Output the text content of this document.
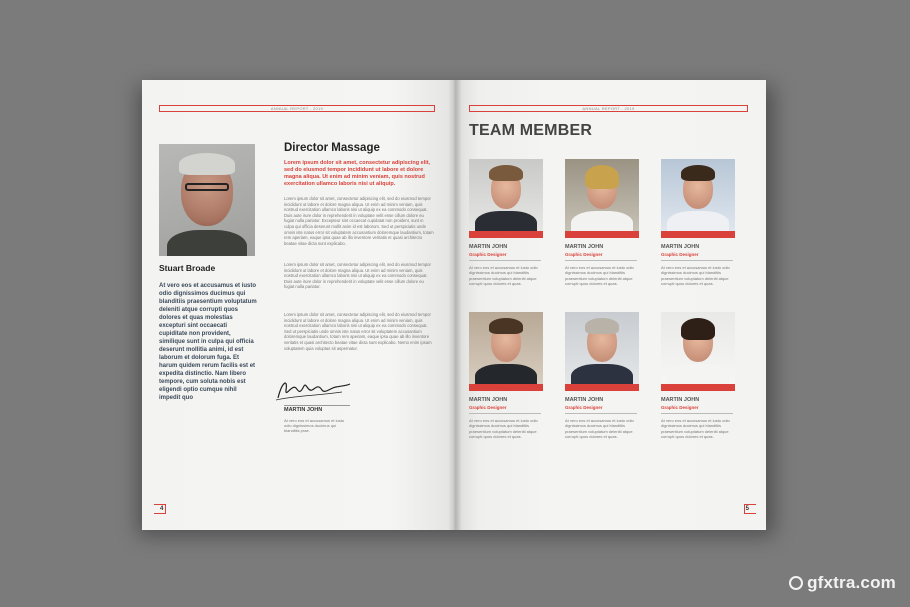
ANNUAL REPORT - 2019
Stuart Broade
At vero eos et accusamus et iusto odio dignissimos ducimus qui blanditiis praesentium voluptatum deleniti atque corrupti quos dolores et quas molestias excepturi sint occaecati cupiditate non provident, similique sunt in culpa qui officia deserunt mollitia animi, id est laborum et dolorum fuga. Et harum quidem rerum facilis est et expedita distinctio. Nam libero tempore, cum soluta nobis est eligendi optio cumque nihil impedit quo
Director Massage
Lorem ipsum dolor sit amet, consectetur adipiscing elit, sed do eiusmod tempor incididunt ut labore et dolore magna aliqua. Ut enim ad minim veniam, quis nostrud exercitation ullamco laboris nisi ut aliquip.
Lorem ipsum dolor sit amet, consectetur adipiscing elit, sed do eiusmod tempor incididunt ut labore et dolore magna aliqua. Ut enim ad minim veniam, quis nostrud exercitation ullamco laboris nisi ut aliquip ex ea commodo consequat. Duis aute irure dolor in reprehenderit in voluptate velit esse cillum dolore eu fugiat nulla pariatur. Excepteur sint occaecat cupidatat non proident, sunt in culpa qui officia deserunt mollit anim id est laborum. Sed ut perspiciatis unde omnis iste natus error sit voluptatem accusantium doloremque laudantium, totam rem aperiam, eaque ipsa quae ab illo inventore veritatis et quasi architecto beatae vitae dicta sunt explicabo.
Lorem ipsum dolor sit amet, consectetur adipiscing elit, sed do eiusmod tempor incididunt ut labore et dolore magna aliqua. Ut enim ad minim veniam, quis nostrud exercitation ullamco laboris nisi ut aliquip ex ea commodo consequat. Duis aute irure dolor in reprehenderit in voluptate velit esse cillum dolore eu fugiat nulla pariatur.
Lorem ipsum dolor sit amet, consectetur adipiscing elit, sed do eiusmod tempor incididunt ut labore et dolore magna aliqua. Ut enim ad minim veniam, quis nostrud exercitation ullamco laboris nisi ut aliquip ex ea commodo consequat. Sed ut perspiciatis unde omnis iste natus error sit voluptatem accusantium doloremque laudantium, totam rem aperiam, eaque ipsa quae ab illo inventore veritatis et quasi architecto beatae vitae dicta sunt explicabo. Nemo enim ipsam voluptatem quia voluptas sit aspernatur.
MARTIN JOHN
At vero eos et accusamus et iusto odio dignissimos ducimus qui blanditiis prae.
4
ANNUAL REPORT - 2019
TEAM MEMBER
MARTIN JOHN
Graphic Designer
At vero eos et accusamus et iusto odio dignissimos ducimus qui blanditiis praesentium voluptatum deleniti atque corrupti quos dolores et quas.
MARTIN JOHN
Graphic Designer
At vero eos et accusamus et iusto odio dignissimos ducimus qui blanditiis praesentium voluptatum deleniti atque corrupti quos dolores et quas.
MARTIN JOHN
Graphic Designer
At vero eos et accusamus et iusto odio dignissimos ducimus qui blanditiis praesentium voluptatum deleniti atque corrupti quos dolores et quas.
MARTIN JOHN
Graphic Designer
At vero eos et accusamus et iusto odio dignissimos ducimus qui blanditiis praesentium voluptatum deleniti atque corrupti quos dolores et quas.
MARTIN JOHN
Graphic Designer
At vero eos et accusamus et iusto odio dignissimos ducimus qui blanditiis praesentium voluptatum deleniti atque corrupti quos dolores et quas.
MARTIN JOHN
Graphic Designer
At vero eos et accusamus et iusto odio dignissimos ducimus qui blanditiis praesentium voluptatum deleniti atque corrupti quos dolores et quas.
5
gfxtra.com
